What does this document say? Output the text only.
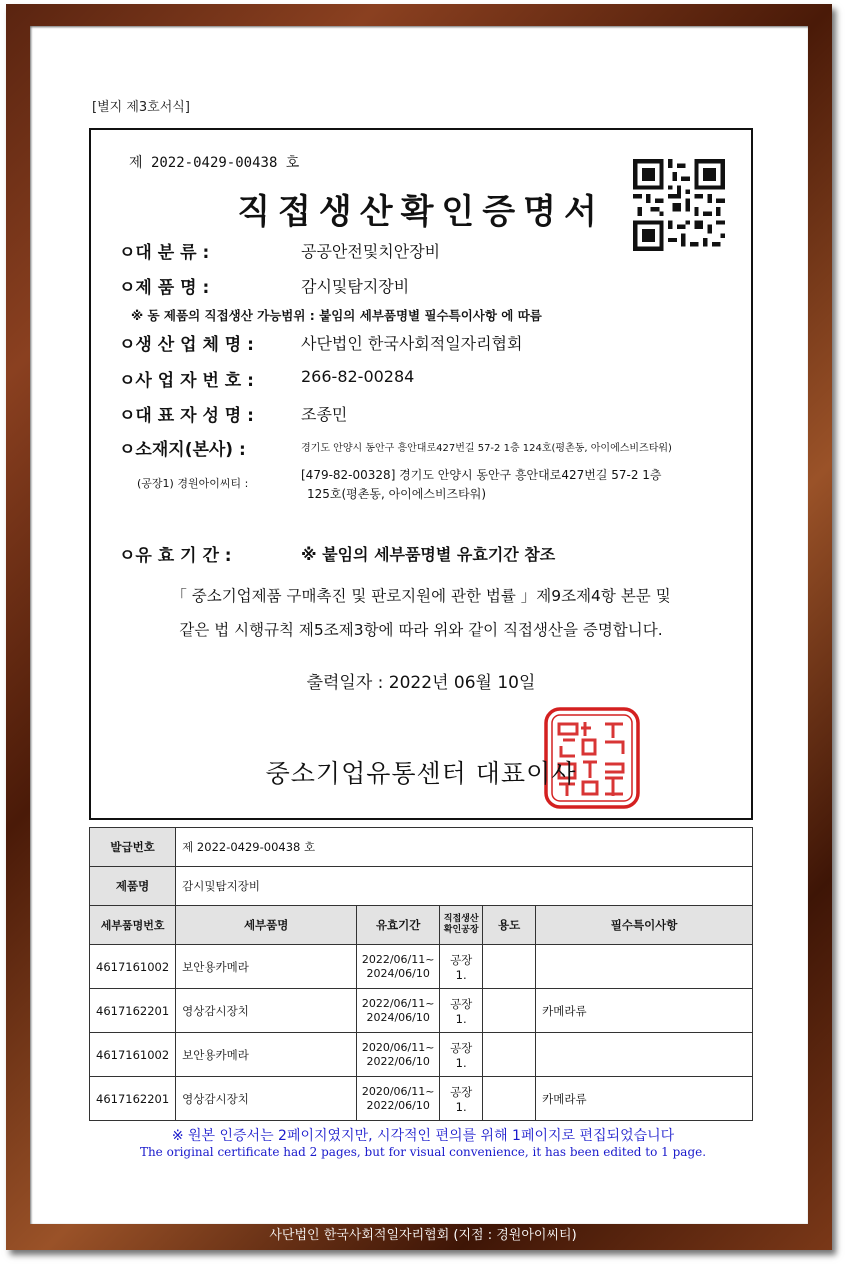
[별지 제3호서식]
제 2022-0429-00438 호
직접생산확인증명서
ㅇ대 분 류 :	공공안전및치안장비
ㅇ제 품 명 :	감시및탐지장비
※ 동 제품의 직접생산 가능범위 : 붙임의 세부품명별 필수특이사항 에 따름
ㅇ생 산 업 체 명 :	사단법인 한국사회적일자리협회
ㅇ사 업 자 번 호 :	266-82-00284
ㅇ대 표 자 성 명 :	조종민
ㅇ소재지(본사) :	경기도 안양시 동안구 흥안대로427번길 57-2 1층 124호(평촌동, 아이에스비즈타워)
(공장1) 경원아이씨티 :
[479-82-00328] 경기도 안양시 동안구 흥안대로427번길 57-2 1층
125호(평촌동, 아이에스비즈타워)
ㅇ유 효 기 간 :	※ 붙임의 세부품명별 유효기간 참조
「 중소기업제품 구매촉진 및 판로지원에 관한 법률 」제9조제4항 본문 및
같은 법 시행규칙 제5조제3항에 따라 위와 같이 직접생산을 증명합니다.
출력일자 : 2022년 06월 10일
중소기업유통센터 대표이사
발급번호	제 2022-0429-00438 호				
제품명	감시및탐지장비				
세부품명번호	세부품명	유효기간	직접생산 확인공장	용도	필수특이사항
4617161002	보안용카메라	2022/06/11~
2024/06/10	공장1.		
4617162201	영상감시장치	2022/06/11~
2024/06/10	공장1.		카메라류
4617161002	보안용카메라	2020/06/11~
2022/06/10	공장1.		
4617162201	영상감시장치	2020/06/11~
2022/06/10	공장1.		카메라류
※ 원본 인증서는 2페이지였지만, 시각적인 편의를 위해 1페이지로 편집되었습니다
The original certificate had 2 pages, but for visual convenience, it has been edited to 1 page.
사단법인 한국사회적일자리협회 (지점 : 경원아이씨티)
